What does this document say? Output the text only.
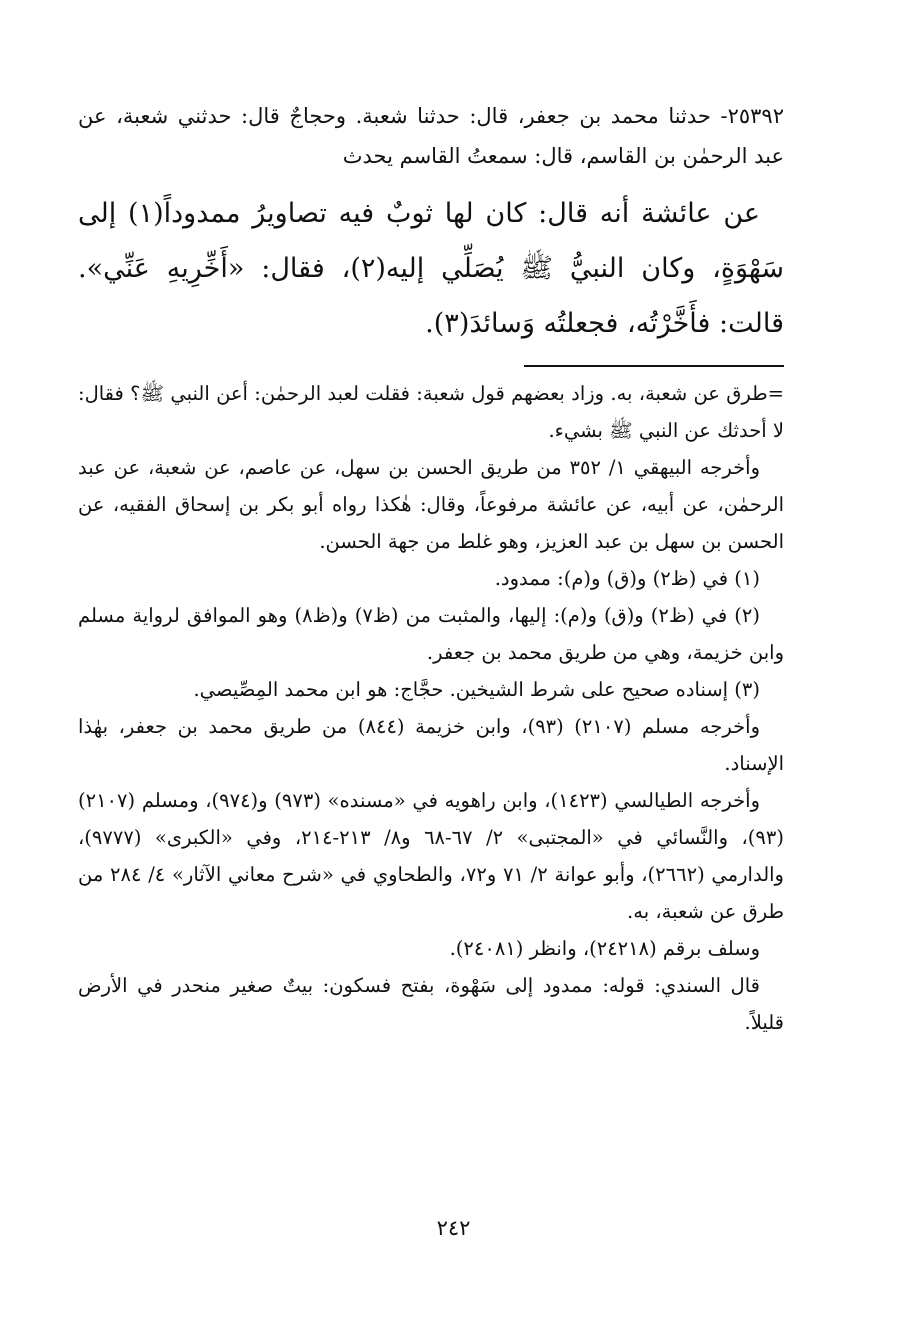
٢٥٣٩٢- حدثنا محمد بن جعفر، قال: حدثنا شعبة. وحجاجٌ قال: حدثني شعبة، عن عبد الرحمٰن بن القاسم، قال: سمعتُ القاسم يحدث

عن عائشة أنه قال: كان لها ثوبٌ فيه تصاويرُ ممدوداً(١) إلى سَهْوَةٍ، وكان النبيُّ ﷺ يُصَلِّي إليه(٢)، فقال: «أَخِّرِيهِ عَنِّي». قالت: فأَخَّرْتُه، فجعلتُه وَسائدَ(٣).

=طرق عن شعبة، به. وزاد بعضهم قول شعبة: فقلت لعبد الرحمٰن: أعن النبي ﷺ؟ فقال: لا أحدثك عن النبي ﷺ بشيء.

وأخرجه البيهقي ١/ ٣٥٢ من طريق الحسن بن سهل، عن عاصم، عن شعبة، عن عبد الرحمٰن، عن أبيه، عن عائشة مرفوعاً، وقال: هٰكذا رواه أبو بكر بن إسحاق الفقيه، عن الحسن بن سهل بن عبد العزيز، وهو غلط من جهة الحسن.

(١) في (ظ٢) و(ق) و(م): ممدود.

(٢) في (ظ٢) و(ق) و(م): إليها، والمثبت من (ظ٧) و(ظ٨) وهو الموافق لرواية مسلم وابن خزيمة، وهي من طريق محمد بن جعفر.

(٣) إسناده صحيح على شرط الشيخين. حجَّاج: هو ابن محمد المِصِّيصي.

وأخرجه مسلم (٢١٠٧) (٩٣)، وابن خزيمة (٨٤٤) من طريق محمد بن جعفر، بهٰذا الإسناد.

وأخرجه الطيالسي (١٤٢٣)، وابن راهويه في «مسنده» (٩٧٣) و(٩٧٤)، ومسلم (٢١٠٧) (٩٣)، والنَّسائي في «المجتبى» ٢/ ٦٧-٦٨ و٨/ ٢١٣-٢١٤، وفي «الكبرى» (٩٧٧٧)، والدارمي (٢٦٦٢)، وأبو عوانة ٢/ ٧١ و٧٢، والطحاوي في «شرح معاني الآثار» ٤/ ٢٨٤ من طرق عن شعبة، به.

وسلف برقم (٢٤٢١٨)، وانظر (٢٤٠٨١).

قال السندي: قوله: ممدود إلى سَهْوة، بفتح فسكون: بيتٌ صغير منحدر في الأرض قليلاً.

٢٤٢
